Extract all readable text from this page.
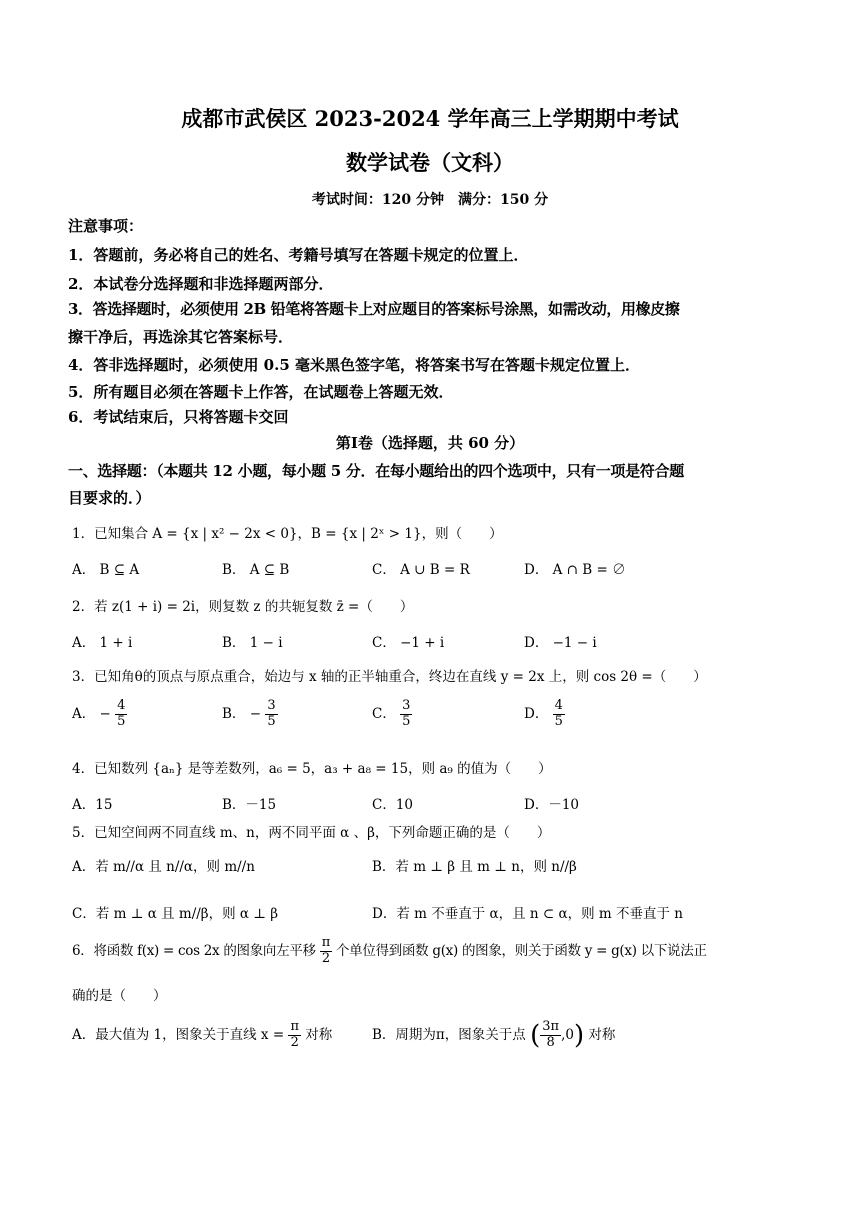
成都市武侯区 2023-2024 学年高三上学期期中考试
数学试卷（文科）
考试时间：120 分钟　满分：150 分
注意事项：
1．答题前，务必将自己的姓名、考籍号填写在答题卡规定的位置上．
2．本试卷分选择题和非选择题两部分．
3．答选择题时，必须使用 2B 铅笔将答题卡上对应题目的答案标号涂黑，如需改动，用橡皮擦
擦干净后，再选涂其它答案标号．
4．答非选择题时，必须使用 0.5 毫米黑色签字笔，将答案书写在答题卡规定位置上．
5．所有题目必须在答题卡上作答，在试题卷上答题无效．
6．考试结束后，只将答题卡交回
第Ⅰ卷（选择题，共 60 分）
一、选择题：（本题共 12 小题，每小题 5 分．在每小题给出的四个选项中，只有一项是符合题
目要求的．）
1．已知集合 A = {x | x² − 2x < 0}，B = {x | 2ˣ > 1}，则（　　）
A． B ⊆ A	B． A ⊆ B	C． A ∪ B = R	D． A ∩ B = ∅
2．若 z(1 + i) = 2i，则复数 z 的共轭复数 z̄ =（　　）
A． 1 + i	B． 1 − i	C． −1 + i	D． −1 − i
3．已知角θ的顶点与原点重合，始边与 x 轴的正半轴重合，终边在直线 y = 2x 上，则 cos 2θ =（　　）
A． − $\frac{4}{5}$	B． − $\frac{3}{5}$	C． $\frac{3}{5}$	D． $\frac{4}{5}$
4．已知数列 {aₙ} 是等差数列，a₆ = 5，a₃ + a₈ = 15，则 a₉ 的值为（　　）
A．15	B．－15	C．10	D．－10
5．已知空间两不同直线 m、n，两不同平面 α 、β，下列命题正确的是（　　）
A．若 m//α 且 n//α，则 m//n	B．若 m ⊥ β 且 m ⊥ n，则 n//β
C．若 m ⊥ α 且 m//β，则 α ⊥ β	D．若 m 不垂直于 α，且 n ⊂ α，则 m 不垂直于 n
6．将函数 f(x) = cos 2x 的图象向左平移 $\frac{\pi}{2}$ 个单位得到函数 g(x) 的图象，则关于函数 y = g(x) 以下说法正
确的是（　　）
A．最大值为 1，图象关于直线 $x = \frac{\pi}{2}$ 对称	B．周期为π，图象关于点 ( $\frac{3\pi}{8} ,0$) 对称
